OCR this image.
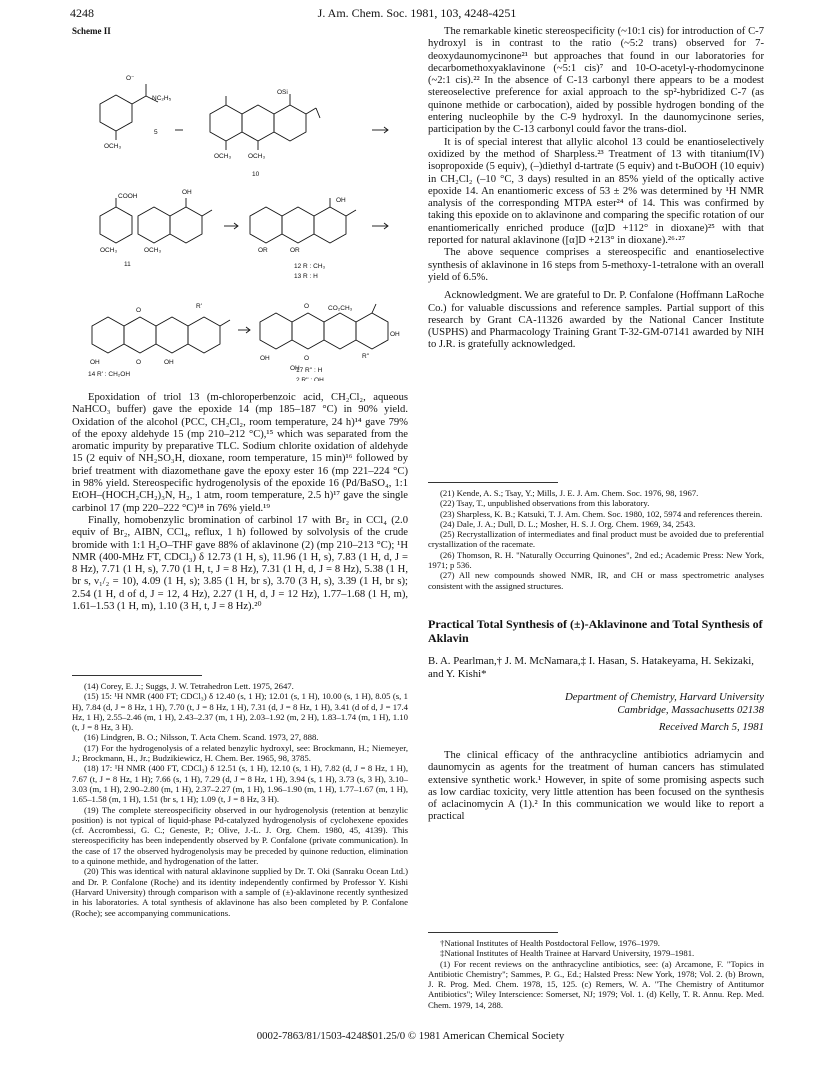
4248	J. Am. Chem. Soc. 1981, 103, 4248-4251
Scheme II
O⁻
NC₂H₅
5
OSi
OCH₃
OCH₃	OCH₃
10
COOH
OH
OCH₃	OCH₃
11
OH
OR	OR
12 R : CH₃
13 R : H
R'	CO₂CH₃
O
O
O
O
OH	OH
OH
OH
OH
R''
14 R' : CH₂OH
17 R'' : H
2 R'' : OH

Epoxidation of triol 13 (m-chloroperbenzoic acid, CH₂Cl₂, aqueous NaHCO₃ buffer) gave the epoxide 14 (mp 185–187 °C) in 90% yield. Oxidation of the alcohol (PCC, CH₂Cl₂, room temperature, 24 h)¹⁴ gave 79% of the epoxy aldehyde 15 (mp 210–212 °C),¹⁵ which was separated from the aromatic impurity by preparative TLC. Sodium chlorite oxidation of aldehyde 15 (2 equiv of NH₂SO₃H, dioxane, room temperature, 15 min)¹⁶ followed by brief treatment with diazomethane gave the epoxy ester 16 (mp 221–224 °C) in 98% yield. Stereospecific hydrogenolysis of the epoxide 16 (Pd/BaSO₄, 1:1 EtOH–(HOCH₂CH₂)₃N, H₂, 1 atm, room temperature, 2.5 h)¹⁷ gave the single carbinol 17 (mp 220–222 °C)¹⁸ in 76% yield.¹⁹

Finally, homobenzylic bromination of carbinol 17 with Br₂ in CCl₄ (2.0 equiv of Br₂, AIBN, CCl₄, reflux, 1 h) followed by solvolysis of the crude bromide with 1:1 H₂O–THF gave 88% of aklavinone (2) (mp 210–213 °C); ¹H NMR (400-MHz FT, CDCl₃) δ 12.73 (1 H, s), 11.96 (1 H, s), 7.83 (1 H, d, J = 8 Hz), 7.71 (1 H, s), 7.70 (1 H, t, J = 8 Hz), 7.31 (1 H, d, J = 8 Hz), 5.38 (1 H, br s, ν₁/₂ = 10), 4.09 (1 H, s); 3.85 (1 H, br s), 3.70 (3 H, s), 3.39 (1 H, br s); 2.54 (1 H, d of d, J = 12, 4 Hz), 2.27 (1 H, d, J = 12 Hz), 1.77–1.68 (1 H, m), 1.61–1.53 (1 H, m), 1.10 (3 H, t, J = 8 Hz).²⁰

(14) Corey, E. J.; Suggs, J. W. Tetrahedron Lett. 1975, 2647.

(15) 15: ¹H NMR (400 FT; CDCl₃) δ 12.40 (s, 1 H); 12.01 (s, 1 H), 10.00 (s, 1 H), 8.05 (s, 1 H), 7.84 (d, J = 8 Hz, 1 H), 7.70 (t, J = 8 Hz, 1 H), 7.31 (d, J = 8 Hz, 1 H), 3.41 (d of d, J = 17.4 Hz, 1 H), 2.55–2.46 (m, 1 H), 2.43–2.37 (m, 1 H), 2.03–1.92 (m, 2 H), 1.83–1.74 (m, 1 H), 1.10 (t, J = 8 Hz, 3 H).

(16) Lindgren, B. O.; Nilsson, T. Acta Chem. Scand. 1973, 27, 888.

(17) For the hydrogenolysis of a related benzylic hydroxyl, see: Brockmann, H.; Niemeyer, J.; Brockmann, H., Jr.; Budzikiewicz, H. Chem. Ber. 1965, 98, 3785.

(18) 17: ¹H NMR (400 FT, CDCl₃) δ 12.51 (s, 1 H), 12.10 (s, 1 H), 7.82 (d, J = 8 Hz, 1 H), 7.67 (t, J = 8 Hz, 1 H); 7.66 (s, 1 H), 7.29 (d, J = 8 Hz, 1 H), 3.94 (s, 1 H), 3.73 (s, 3 H), 3.10–3.03 (m, 1 H), 2.90–2.80 (m, 1 H), 2.37–2.27 (m, 1 H), 1.96–1.90 (m, 1 H), 1.77–1.67 (m, 1 H), 1.65–1.58 (m, 1 H), 1.51 (br s, 1 H); 1.09 (t, J = 8 Hz, 3 H).

(19) The complete stereospecificity observed in our hydrogenolysis (retention at benzylic position) is not typical of liquid-phase Pd-catalyzed hydrogenolysis of cyclohexene epoxides (cf. Accrombessi, G. C.; Geneste, P.; Olive, J.-L. J. Org. Chem. 1980, 45, 4139). This stereospecificity has been independently observed by P. Confalone (private communication). In the case of 17 the observed hydrogenolysis may be preceded by quinone reduction, elimination to a quinone methide, and hydrogenation of the latter.

(20) This was identical with natural aklavinone supplied by Dr. T. Oki (Sanraku Ocean Ltd.) and Dr. P. Confalone (Roche) and its identity independently confirmed by Professor Y. Kishi (Harvard University) through comparison with a sample of (±)-aklavinone recently synthesized in his laboratories. A total synthesis of aklavinone has also been completed by P. Confalone (Roche); see accompanying communications.

The remarkable kinetic stereospecificity (~10:1 cis) for introduction of C-7 hydroxyl is in contrast to the ratio (~5:2 trans) observed for 7-deoxydaunomycinone²¹ but approaches that found in our laboratories for decarbomethoxyaklavinone (~5:1 cis)⁷ and 10-O-acetyl-γ-rhodomycinone (~2:1 cis).²² In the absence of C-13 carbonyl there appears to be a modest stereoselective preference for axial approach to the sp²-hybridized C-7 (as quinone methide or carbocation), aided by possible hydrogen bonding of the entering nucleophile by the C-9 hydroxyl. In the daunomycinone series, participation by the C-13 carbonyl could favor the trans-diol.

It is of special interest that allylic alcohol 13 could be enantioselectively oxidized by the method of Sharpless.²³ Treatment of 13 with titanium(IV) isopropoxide (5 equiv), (–)diethyl d-tartrate (5 equiv) and t-BuOOH (10 equiv) in CH₂Cl₂ (–10 °C, 3 days) resulted in an 85% yield of the optically active epoxide 14. An enantiomeric excess of 53 ± 2% was determined by ¹H NMR analysis of the corresponding MTPA ester²⁴ of 14. This was confirmed by taking this epoxide on to aklavinone and comparing the specific rotation of our enantiomerically enriched produce ([α]D +112° in dioxane)²⁵ with that reported for natural aklavinone ([α]D +213° in dioxane).²⁶·²⁷

The above sequence comprises a stereospecific and enantioselective synthesis of aklavinone in 16 steps from 5-methoxy-1-tetralone with an overall yield of 6.5%.

Acknowledgment. We are grateful to Dr. P. Confalone (Hoffmann LaRoche Co.) for valuable discussions and reference samples. Partial support of this research by Grant CA-11326 awarded by the National Cancer Institute (USPHS) and Pharmacology Training Grant T-32-GM-07141 awarded by NIH to J.R. is gratefully acknowledged.

(21) Kende, A. S.; Tsay, Y.; Mills, J. E. J. Am. Chem. Soc. 1976, 98, 1967.

(22) Tsay, T., unpublished observations from this laboratory.

(23) Sharpless, K. B.; Katsuki, T. J. Am. Chem. Soc. 1980, 102, 5974 and references therein.

(24) Dale, J. A.; Dull, D. L.; Mosher, H. S. J. Org. Chem. 1969, 34, 2543.

(25) Recrystallization of intermediates and final product must be avoided due to preferential crystallization of the racemate.

(26) Thomson, R. H. "Naturally Occurring Quinones", 2nd ed.; Academic Press: New York, 1971; p 536.

(27) All new compounds showed NMR, IR, and CH or mass spectrometric analyses consistent with the assigned structures.

Practical Total Synthesis of (±)-Aklavinone and Total Synthesis of Aklavin

B. A. Pearlman,† J. M. McNamara,‡ I. Hasan, S. Hatakeyama, H. Sekizaki, and Y. Kishi*

Department of Chemistry, Harvard University

Cambridge, Massachusetts 02138

Received March 5, 1981

The clinical efficacy of the anthracycline antibiotics adriamycin and daunomycin as agents for the treatment of human cancers has stimulated extensive synthetic work.¹ However, in spite of some promising aspects such as low cardiac toxicity, very little attention has been focused on the synthesis of aclacinomycin A (1).² In this communication we would like to report a practical

†National Institutes of Health Postdoctoral Fellow, 1976–1979.

‡National Institutes of Health Trainee at Harvard University, 1979–1981.

(1) For recent reviews on the anthracycline antibiotics, see: (a) Arcamone, F. "Topics in Antibiotic Chemistry"; Sammes, P. G., Ed.; Halsted Press: New York, 1978; Vol. 2. (b) Brown, J. R. Prog. Med. Chem. 1978, 15, 125. (c) Remers, W. A. "The Chemistry of Antitumor Antibiotics"; Wiley Interscience: Somerset, NJ; 1979; Vol. 1. (d) Kelly, T. R. Annu. Rep. Med. Chem. 1979, 14, 288.

0002-7863/81/1503-4248$01.25/0 © 1981 American Chemical Society
